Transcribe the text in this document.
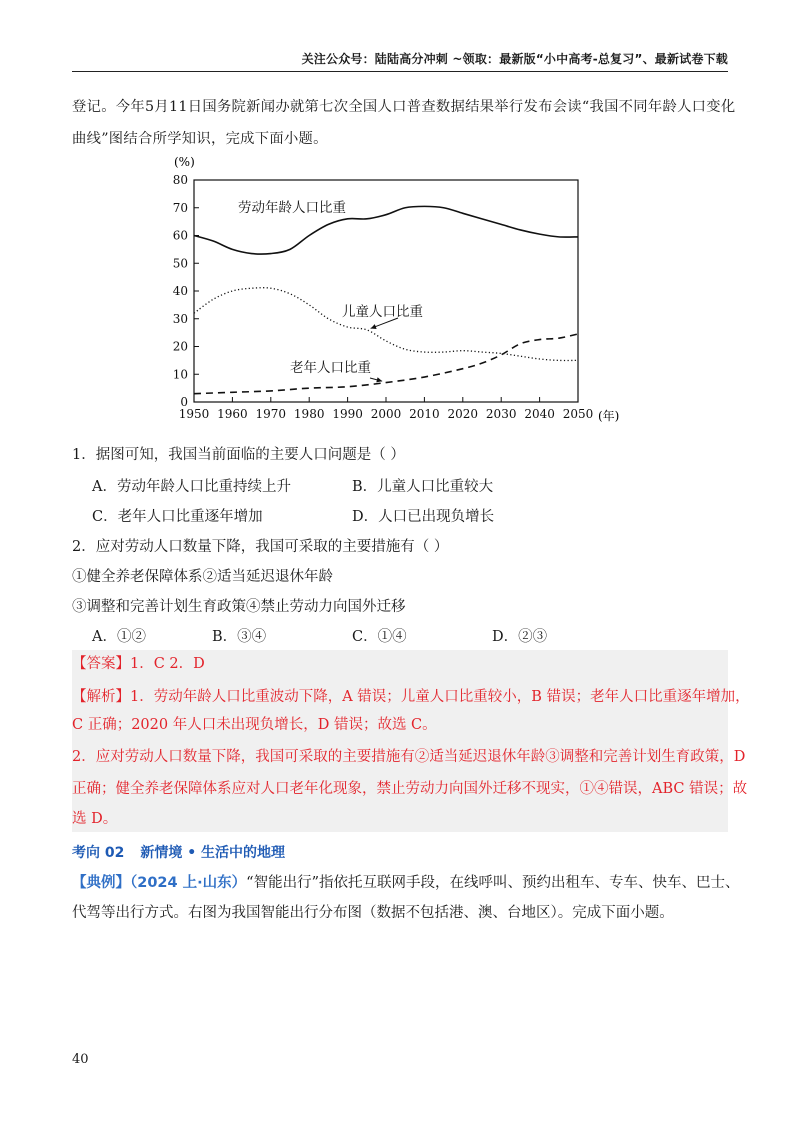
关注公众号：陆陆高分冲刺 ~领取：最新版“小中高考-总复习”、最新试卷下载
登记。今年5月11日国务院新闻办就第七次全国人口普查数据结果举行发布会读“我国不同年龄人口变化
曲线”图结合所学知识，完成下面小题。
0
10
20
30
40
50
60
70
80
1950 1960 1970 1980 1990 2000 2010 2020 2030 2040 2050
(%)
(年)
劳动年龄人口比重
儿童人口比重
老年人口比重
1．据图可知，我国当前面临的主要人口问题是（ ）
A．劳动年龄人口比重持续上升	B．儿童人口比重较大
C．老年人口比重逐年增加	D．人口已出现负增长
2．应对劳动人口数量下降，我国可采取的主要措施有（ ）
①健全养老保障体系②适当延迟退休年龄
③调整和完善计划生育政策④禁止劳动力向国外迁移
A．①②	B．③④	C．①④	D．②③
【答案】1．C 2．D
【解析】1．劳动年龄人口比重波动下降，A 错误；儿童人口比重较小，B 错误；老年人口比重逐年增加，
C 正确；2020 年人口未出现负增长，D 错误；故选 C。
2．应对劳动人口数量下降，我国可采取的主要措施有②适当延迟退休年龄③调整和完善计划生育政策，D
正确；健全养老保障体系应对人口老年化现象，禁止劳动力向国外迁移不现实，①④错误，ABC 错误；故
选 D。
考向 02 新情境 • 生活中的地理
【典例】（2024 上·山东）“智能出行”指依托互联网手段，在线呼叫、预约出租车、专车、快车、巴士、
代驾等出行方式。右图为我国智能出行分布图（数据不包括港、澳、台地区）。完成下面小题。
40
